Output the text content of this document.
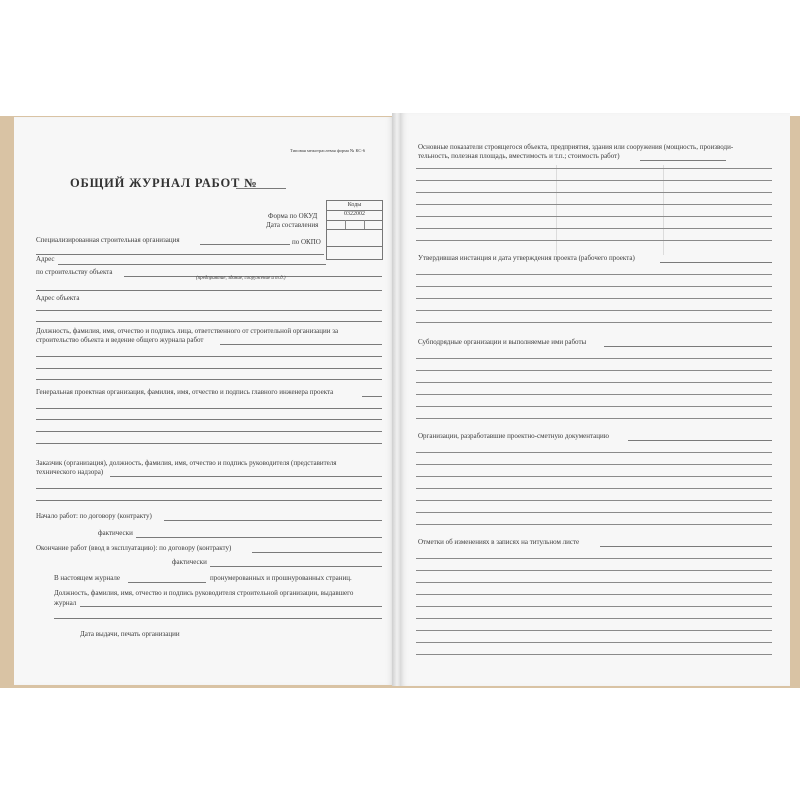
Типовая межотраслевая форма № КС-6
ОБЩИЙ ЖУРНАЛ РАБОТ №
Коды
0322002
Форма по ОКУД
Дата составления
по ОКПО
Специализированная строительная организация
Адрес
по строительству объекта
(предприятие, здание, сооружение и т.д.)
Адрес объекта
Должность, фамилия, имя, отчество и подпись лица, ответственного от строительной организации за
строительство объекта и ведение общего журнала работ
Генеральная проектная организация, фамилия, имя, отчество и подпись главного инженера проекта
Заказчик (организация), должность, фамилия, имя, отчество и подпись руководителя (представителя
технического надзора)
Начало работ: по договору (контракту)
фактически
Окончание работ (ввод в эксплуатацию): по договору (контракту)
фактически
В настоящем журнале	пронумерованных и прошнурованных страниц.
Должность, фамилия, имя, отчество и подпись руководителя строительной организации, выдавшего
журнал
Дата выдачи, печать организации
Основные показатели строящегося объекта, предприятия, здания или сооружения (мощность, производи-
тельность, полезная площадь, вместимость и т.п.; стоимость работ)
Утвердившая инстанция и дата утверждения проекта (рабочего проекта)
Субподрядные организации и выполняемые ими работы
Организации, разработавшие проектно-сметную документацию
Отметки об изменениях в записях на титульном листе
